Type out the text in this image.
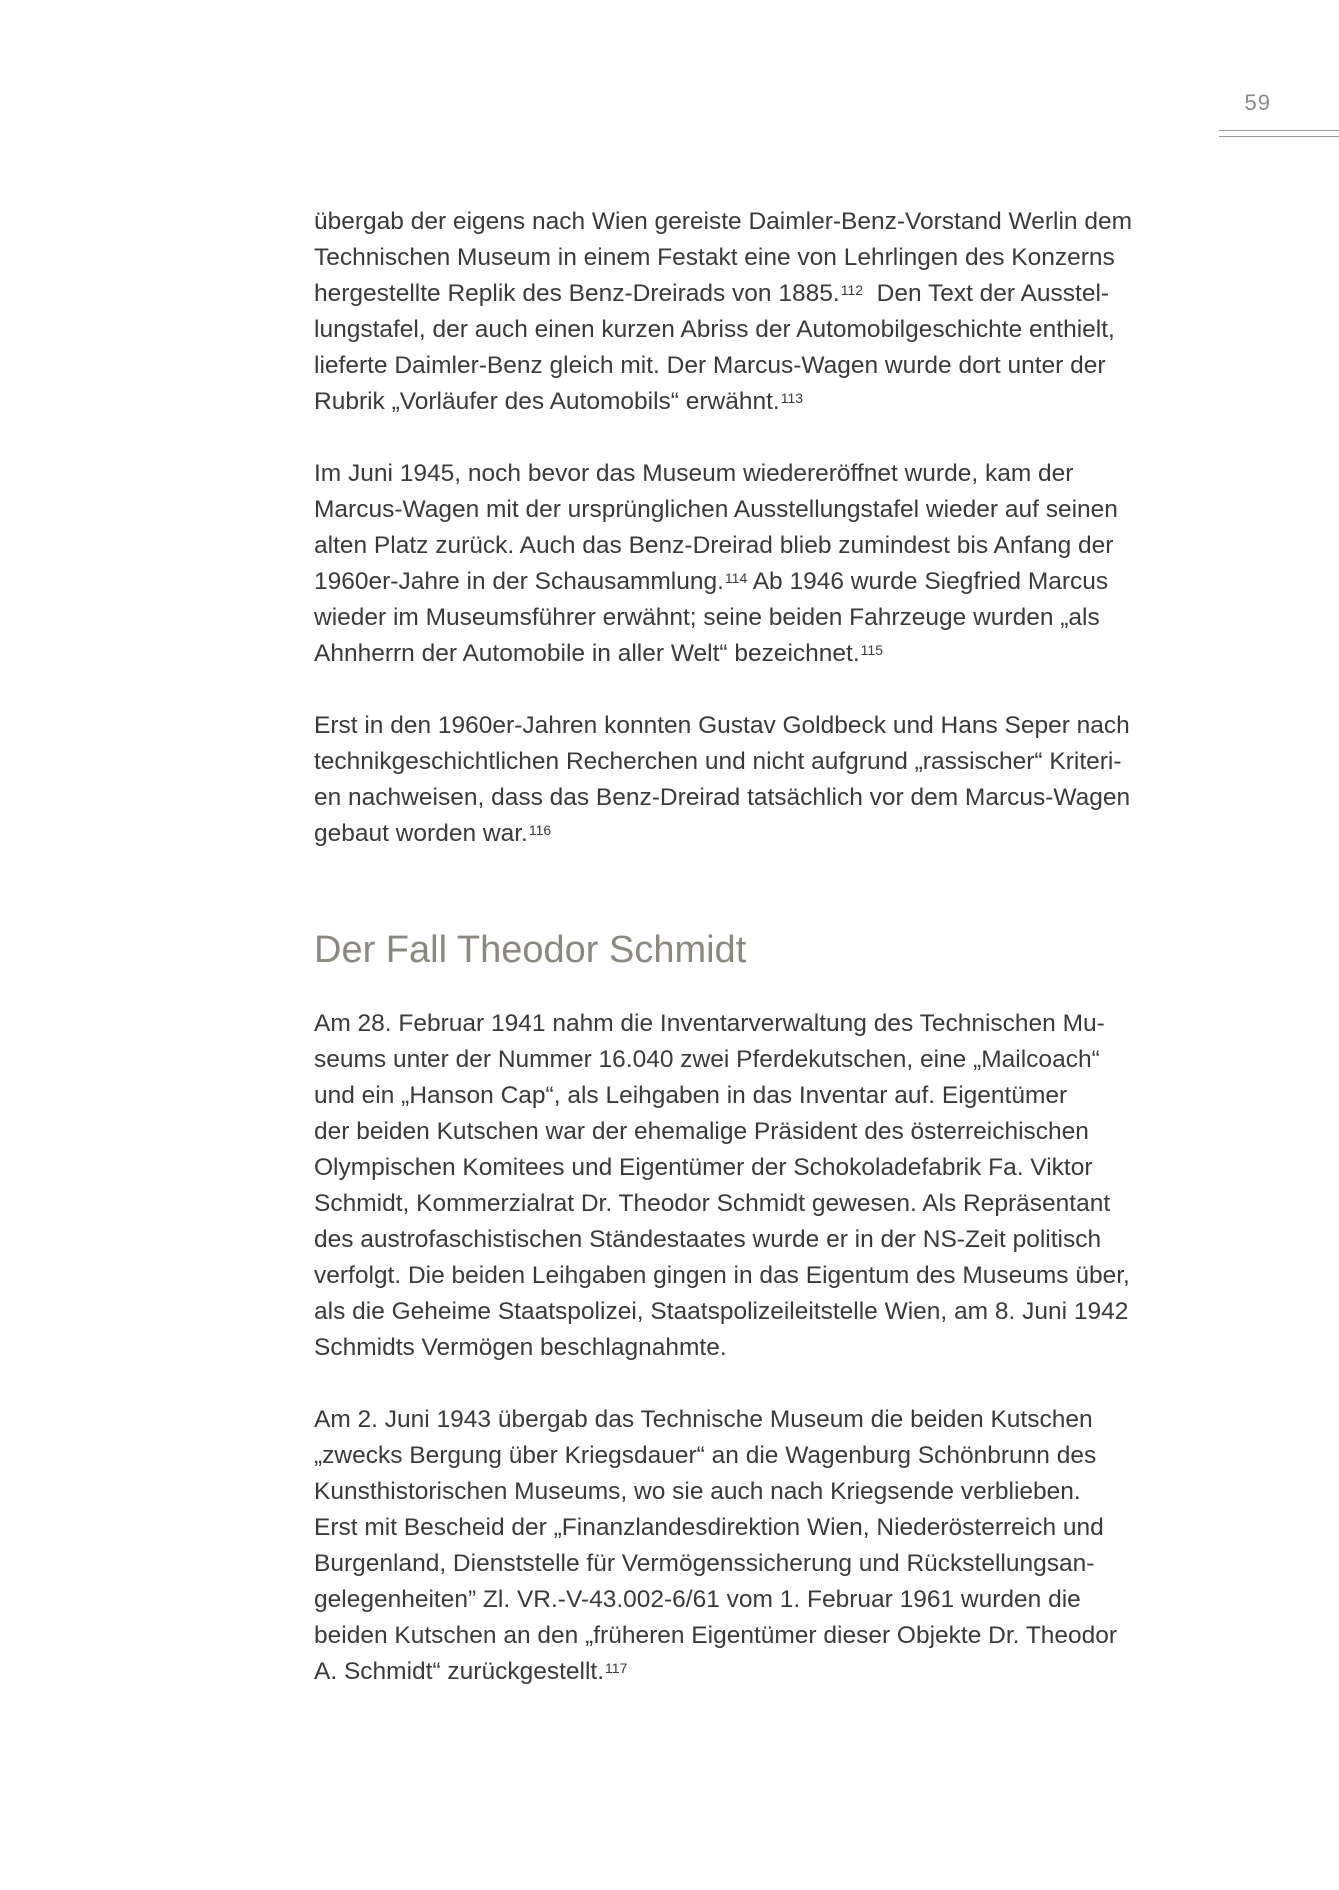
59

übergab der eigens nach Wien gereiste Daimler-Benz-Vorstand Werlin dem
Technischen Museum in einem Festakt eine von Lehrlingen des Konzerns
hergestellte Replik des Benz-Dreirads von 1885.$^{112}$  Den Text der Ausstel-
lungstafel, der auch einen kurzen Abriss der Automobilgeschichte enthielt,
lieferte Daimler-Benz gleich mit. Der Marcus-Wagen wurde dort unter der
Rubrik „Vorläufer des Automobils“ erwähnt.$^{113}$

Im Juni 1945, noch bevor das Museum wiedereröffnet wurde, kam der
Marcus-Wagen mit der ursprünglichen Ausstellungstafel wieder auf seinen
alten Platz zurück. Auch das Benz-Dreirad blieb zumindest bis Anfang der
1960er-Jahre in der Schausammlung.$^{114}$ Ab 1946 wurde Siegfried Marcus
wieder im Museumsführer erwähnt; seine beiden Fahrzeuge wurden „als
Ahnherrn der Automobile in aller Welt“ bezeichnet.$^{115}$

Erst in den 1960er-Jahren konnten Gustav Goldbeck und Hans Seper nach
technikgeschichtlichen Recherchen und nicht aufgrund „rassischer“ Kriteri-
en nachweisen, dass das Benz-Dreirad tatsächlich vor dem Marcus-Wagen
gebaut worden war.$^{116}$

Der Fall Theodor Schmidt

Am 28. Februar 1941 nahm die Inventarverwaltung des Technischen Mu-
seums unter der Nummer 16.040 zwei Pferdekutschen, eine „Mailcoach“
und ein „Hanson Cap“, als Leihgaben in das Inventar auf. Eigentümer
der beiden Kutschen war der ehemalige Präsident des österreichischen
Olympischen Komitees und Eigentümer der Schokoladefabrik Fa. Viktor
Schmidt, Kommerzialrat Dr. Theodor Schmidt gewesen. Als Repräsentant
des austrofaschistischen Ständestaates wurde er in der NS-Zeit politisch
verfolgt. Die beiden Leihgaben gingen in das Eigentum des Museums über,
als die Geheime Staatspolizei, Staatspolizeileitstelle Wien, am 8. Juni 1942
Schmidts Vermögen beschlagnahmte.

Am 2. Juni 1943 übergab das Technische Museum die beiden Kutschen
„zwecks Bergung über Kriegsdauer“ an die Wagenburg Schönbrunn des
Kunsthistorischen Museums, wo sie auch nach Kriegsende verblieben.
Erst mit Bescheid der „Finanzlandesdirektion Wien, Niederösterreich und
Burgenland, Dienststelle für Vermögenssicherung und Rückstellungsan-
gelegenheiten” Zl. VR.-V-43.002-6/61 vom 1. Februar 1961 wurden die
beiden Kutschen an den „früheren Eigentümer dieser Objekte Dr. Theodor
A. Schmidt“ zurückgestellt.$^{117}$
